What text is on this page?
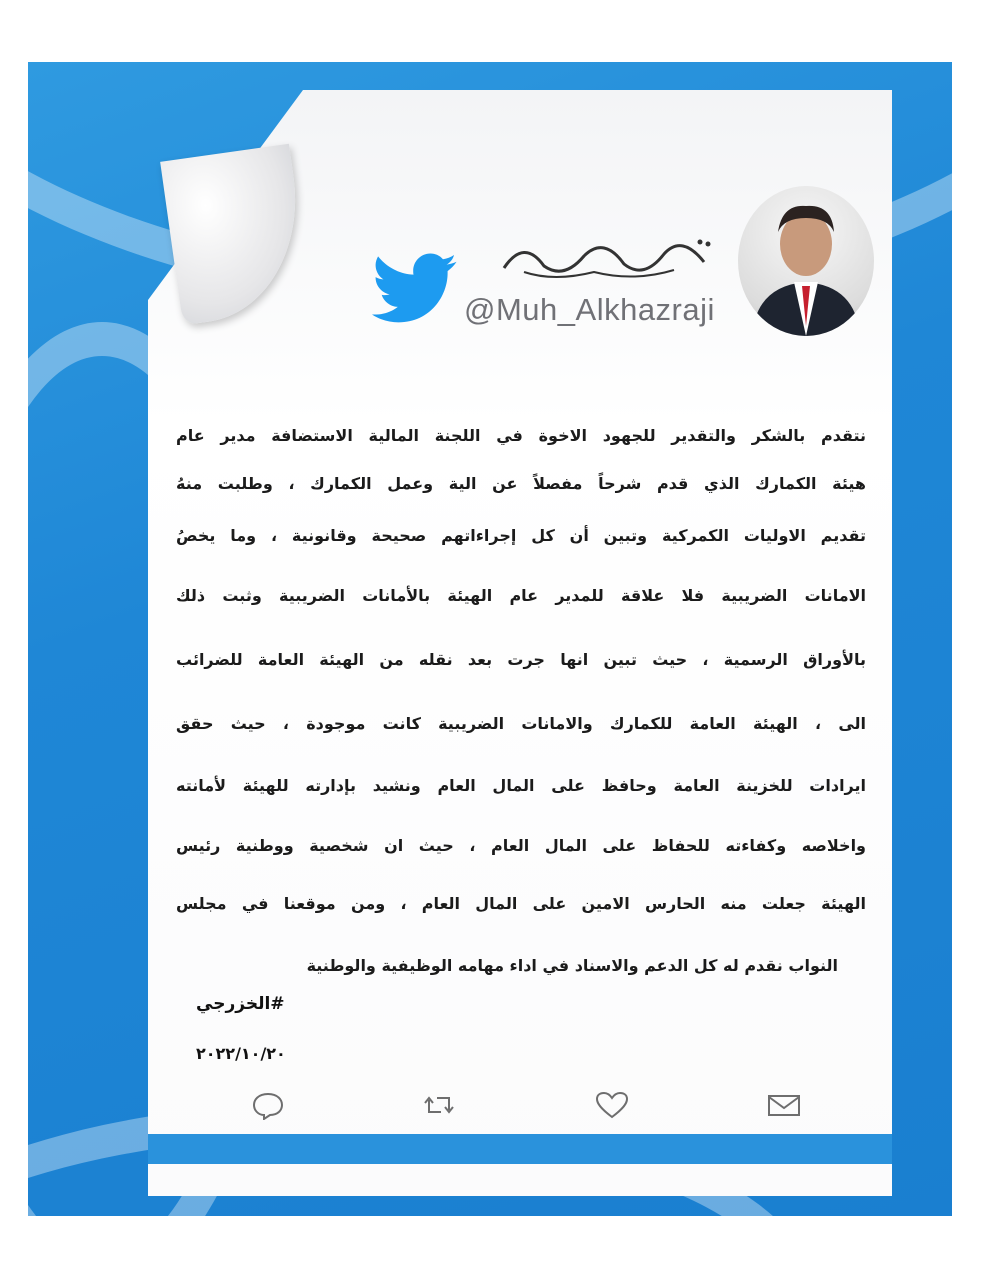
@Muh_Alkhazraji
نتقدم بالشكر والتقدير للجهود الاخوة في اللجنة المالية الاستضافة مدير عام
هيئة الكمارك الذي قدم شرحاً مفصلاً عن الية وعمل الكمارك ، وطلبت منهُ
تقديم الاوليات الكمركية وتبين أن كل إجراءاتهم صحيحة وقانونية ، وما يخصُ
الامانات الضريبية فلا علاقة للمدير عام الهيئة بالأمانات الضريبية وثبت ذلك
بالأوراق الرسمية ، حيث تبين انها جرت بعد نقله من الهيئة العامة للضرائب
الى ، الهيئة العامة للكمارك والامانات الضريبية كانت موجودة ، حيث حقق
ايرادات للخزينة العامة وحافظ على المال العام ونشيد بإدارته للهيئة لأمانته
واخلاصه وكفاءته للحفاظ على المال العام ، حيث ان شخصية ووطنية رئيس
الهيئة جعلت منه الحارس الامين على المال العام ، ومن موقعنا في مجلس
النواب نقدم له كل الدعم والاسناد في اداء مهامه الوظيفية والوطنية
#الخزرجي
٢٠٢٢/١٠/٢٠
